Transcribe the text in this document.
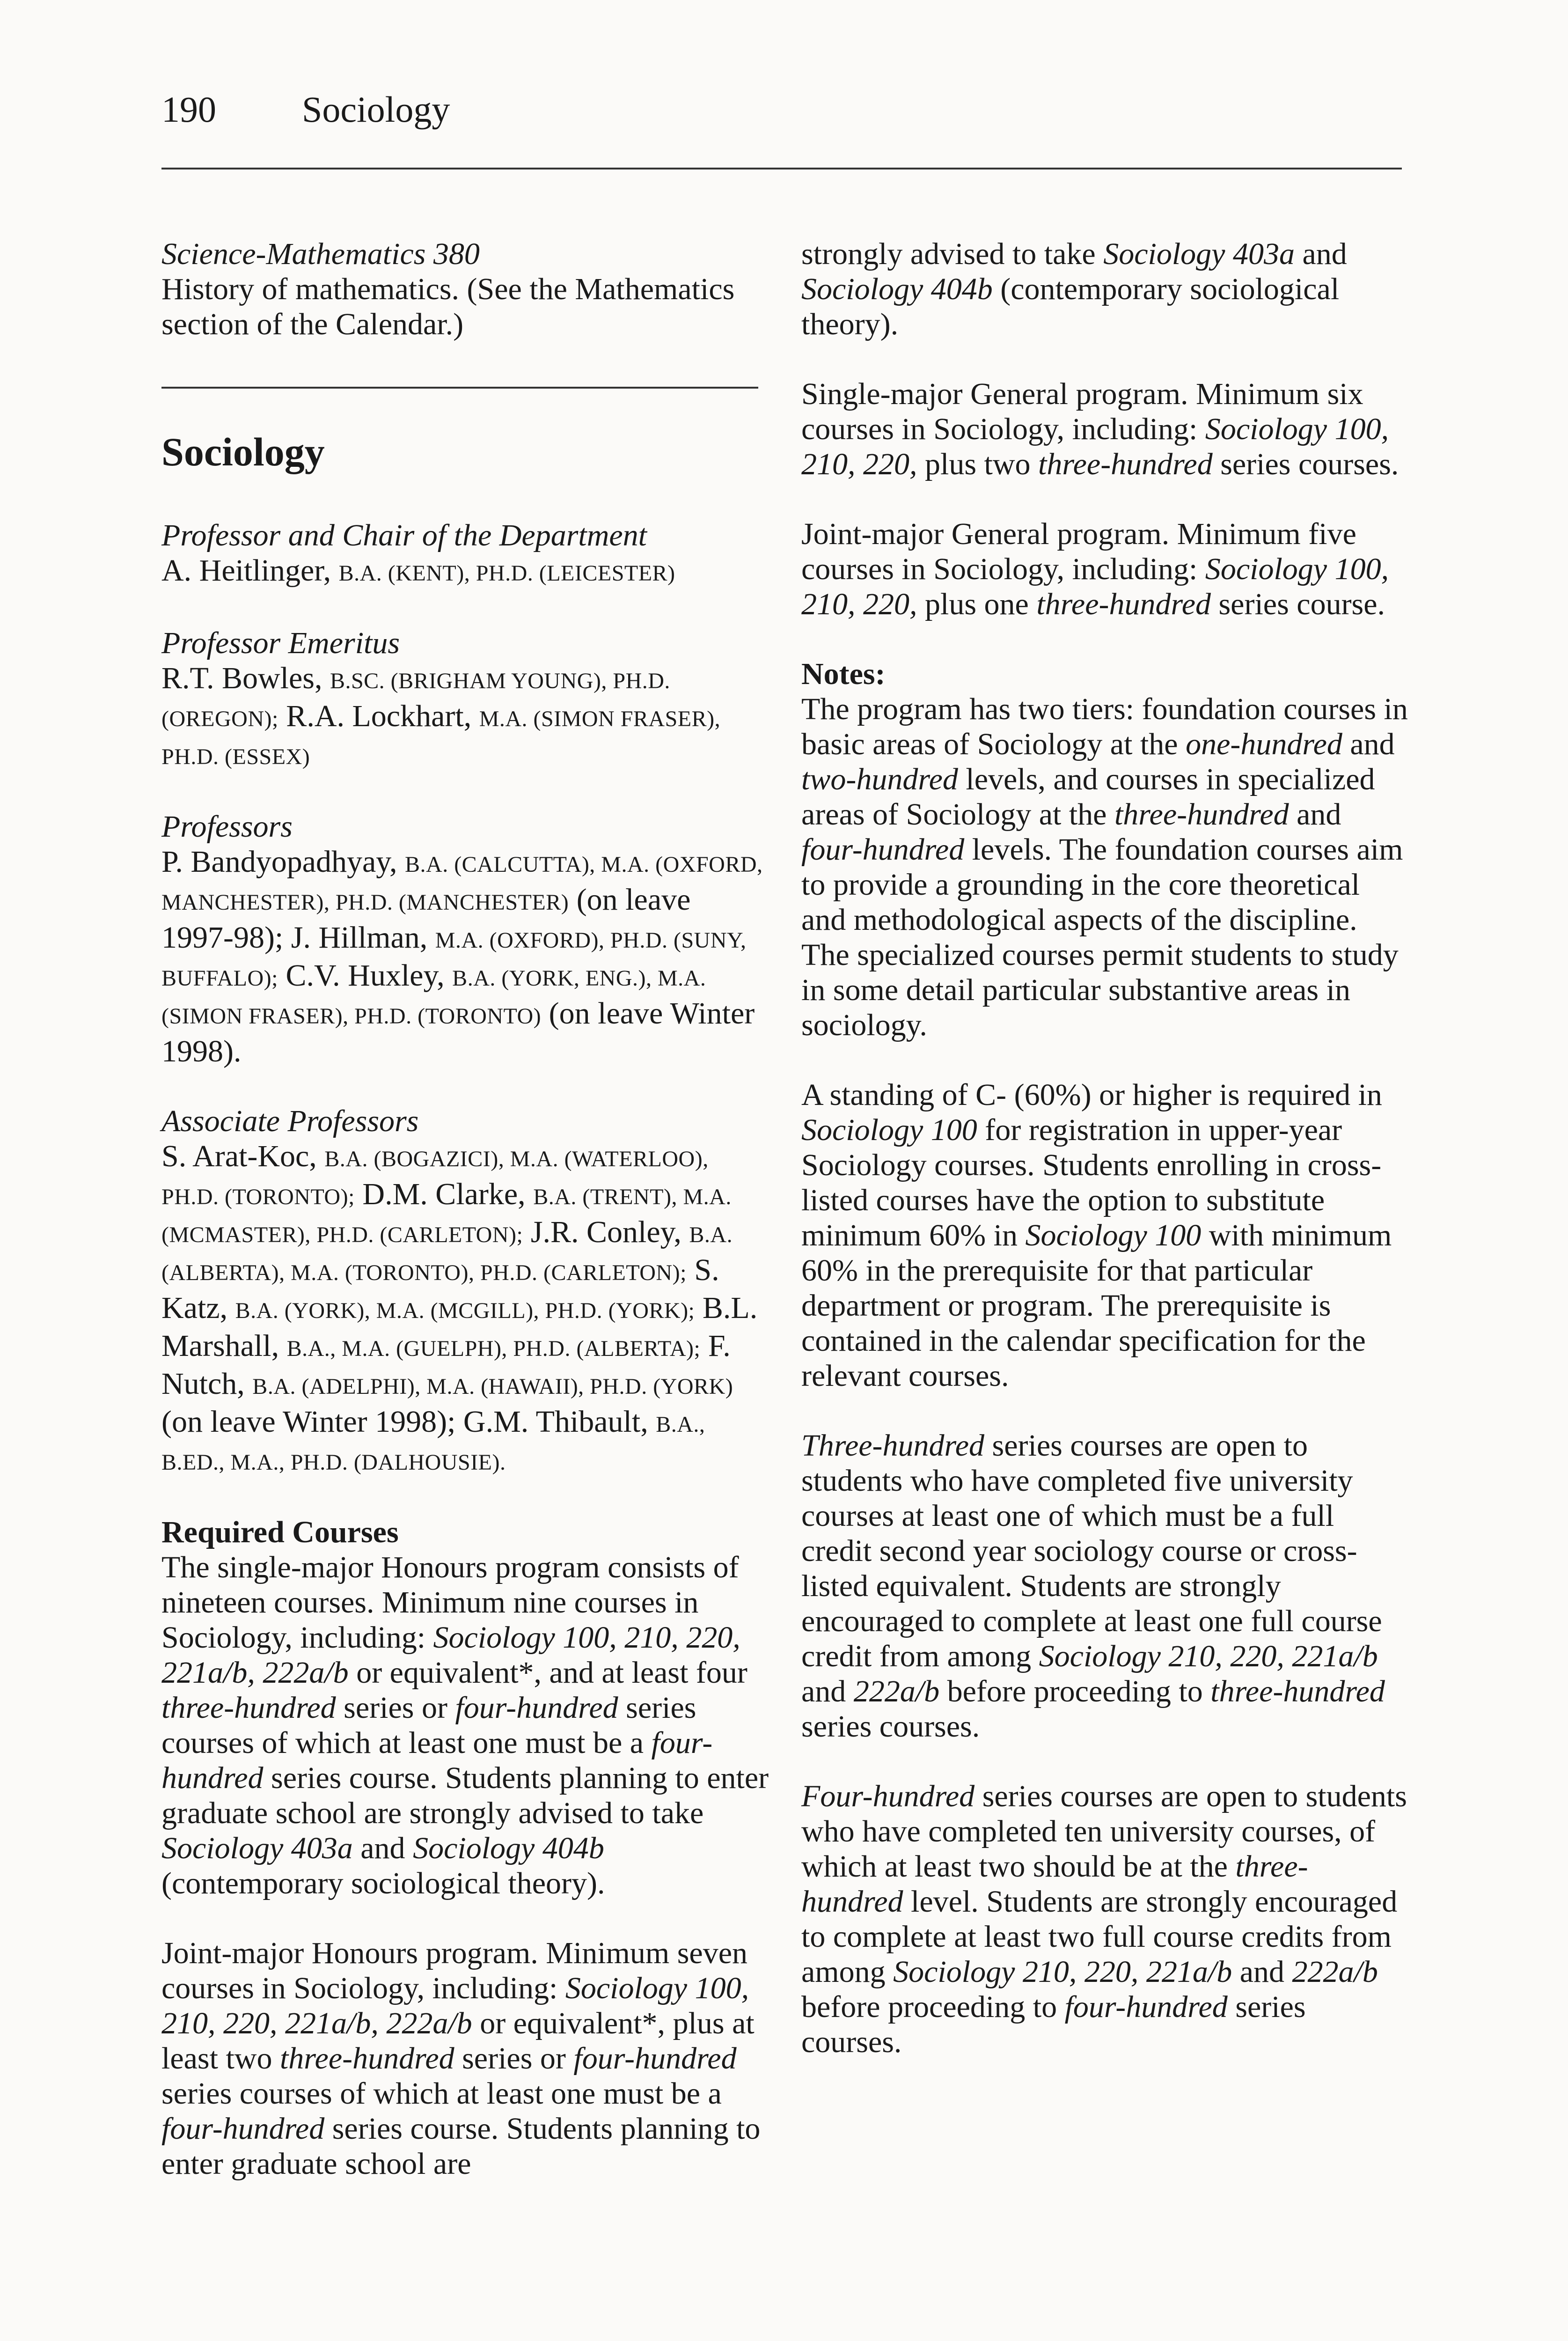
190 Sociology
Science-Mathematics 380
History of mathematics. (See the Mathematics section of the Calendar.)
Sociology
Professor and Chair of the Department
A. Heitlinger, B.A. (KENT), PH.D. (LEICESTER)
Professor Emeritus
R.T. Bowles, B.SC. (BRIGHAM YOUNG), PH.D. (OREGON); R.A. Lockhart, M.A. (SIMON FRASER), PH.D. (ESSEX)
Professors
P. Bandyopadhyay, B.A. (CALCUTTA), M.A. (OXFORD, MANCHESTER), PH.D. (MANCHESTER) (on leave 1997-98); J. Hillman, M.A. (OXFORD), PH.D. (SUNY, BUFFALO); C.V. Huxley, B.A. (YORK, ENG.), M.A. (SIMON FRASER), PH.D. (TORONTO) (on leave Winter 1998).
Associate Professors
S. Arat-Koc, B.A. (BOGAZICI), M.A. (WATERLOO), PH.D. (TORONTO); D.M. Clarke, B.A. (TRENT), M.A. (MCMASTER), PH.D. (CARLETON); J.R. Conley, B.A. (ALBERTA), M.A. (TORONTO), PH.D. (CARLETON); S. Katz, B.A. (YORK), M.A. (MCGILL), PH.D. (YORK); B.L. Marshall, B.A., M.A. (GUELPH), PH.D. (ALBERTA); F. Nutch, B.A. (ADELPHI), M.A. (HAWAII), PH.D. (YORK) (on leave Winter 1998); G.M. Thibault, B.A., B.ED., M.A., PH.D. (DALHOUSIE).

Required Courses
The single-major Honours program consists of nineteen courses. Minimum nine courses in Sociology, including: Sociology 100, 210, 220, 221a/b, 222a/b or equivalent*, and at least four three-hundred series or four-hundred series courses of which at least one must be a four-hundred series course. Students planning to enter graduate school are strongly advised to take Sociology 403a and Sociology 404b (contemporary sociological theory).

Joint-major Honours program. Minimum seven courses in Sociology, including: Sociology 100, 210, 220, 221a/b, 222a/b or equivalent*, plus at least two three-hundred series or four-hundred series courses of which at least one must be a four-hundred series course. Students planning to enter graduate school are

strongly advised to take Sociology 403a and Sociology 404b (contemporary sociological theory).

Single-major General program. Minimum six courses in Sociology, including: Sociology 100, 210, 220, plus two three-hundred series courses.

Joint-major General program. Minimum five courses in Sociology, including: Sociology 100, 210, 220, plus one three-hundred series course.

Notes:
The program has two tiers: foundation courses in basic areas of Sociology at the one-hundred and two-hundred levels, and courses in specialized areas of Sociology at the three-hundred and four-hundred levels. The foundation courses aim to provide a grounding in the core theoretical and methodological aspects of the discipline. The specialized courses permit students to study in some detail particular substantive areas in sociology.

A standing of C- (60%) or higher is required in Sociology 100 for registration in upper-year Sociology courses. Students enrolling in cross-listed courses have the option to substitute minimum 60% in Sociology 100 with minimum 60% in the prerequisite for that particular department or program. The prerequisite is contained in the calendar specification for the relevant courses.

Three-hundred series courses are open to students who have completed five university courses at least one of which must be a full credit second year sociology course or cross-listed equivalent. Students are strongly encouraged to complete at least one full course credit from among Sociology 210, 220, 221a/b and 222a/b before proceeding to three-hundred series courses.

Four-hundred series courses are open to students who have completed ten university courses, of which at least two should be at the three-hundred level. Students are strongly encouraged to complete at least two full course credits from among Sociology 210, 220, 221a/b and 222a/b before proceeding to four-hundred series courses.
